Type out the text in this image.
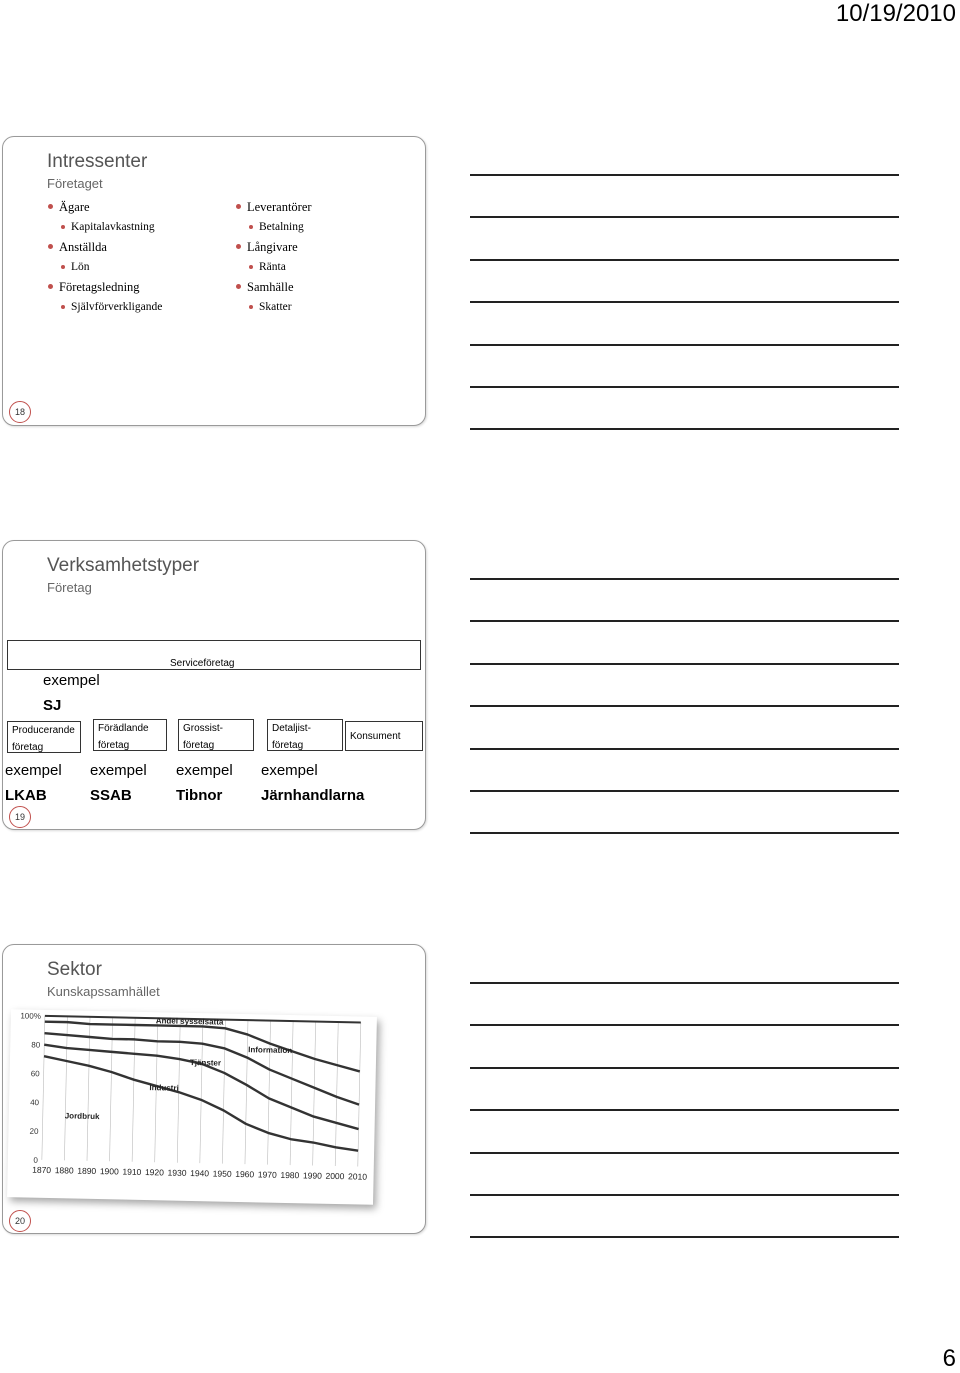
10/19/2010
Intressenter
Företaget
Ägare
Kapitalavkastning
Anställda
Lön
Företagsledning
Självförverkligande
Leverantörer
Betalning
Långivare
Ränta
Samhälle
Skatter
18
Verksamhetstyper
Företag
Serviceföretag
exempel
SJ
Producerande
företag
Förädlande
företag
Grossist-
företag
Detaljist-
företag
Konsument
exempel exempel exempel exempel
LKAB	SSAB	Tibnor	Järnhandlarna
19
Sektor
Kunskapssamhället
0
20
40
60
80
100%
1870 1880 1890 1900 1910 1920 1930 1940 1950 1960 1970 1980 1990 2000 2010
Andel sysselsatta
Information
Tjänster
Industri
Jordbruk
20
6
